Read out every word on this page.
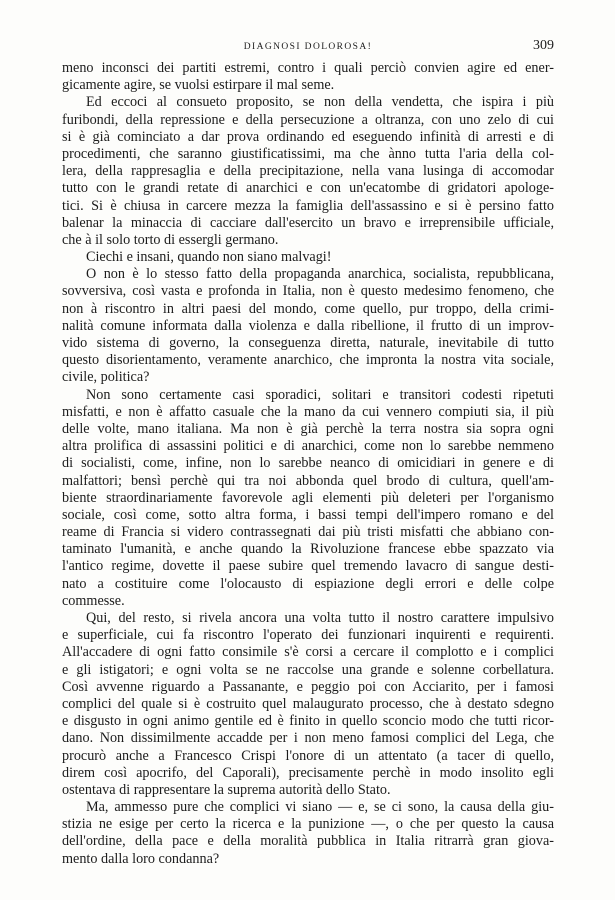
DIAGNOSI DOLOROSA!	309
meno inconsci dei partiti estremi, contro i quali perciò convien agire ed ener-
gicamente agire, se vuolsi estirpare il mal seme.
Ed eccoci al consueto proposito, se non della vendetta, che ispira i più
furibondi, della repressione e della persecuzione a oltranza, con uno zelo di cui
si è già cominciato a dar prova ordinando ed eseguendo infinità di arresti e di
procedimenti, che saranno giustificatissimi, ma che ànno tutta l'aria della col-
lera, della rappresaglia e della precipitazione, nella vana lusinga di accomodar
tutto con le grandi retate di anarchici e con un'ecatombe di gridatori apologe-
tici. Si è chiusa in carcere mezza la famiglia dell'assassino e si è persino fatto
balenar la minaccia di cacciare dall'esercito un bravo e irreprensibile ufficiale,
che à il solo torto di essergli germano.
Ciechi e insani, quando non siano malvagi!
O non è lo stesso fatto della propaganda anarchica, socialista, repubblicana,
sovversiva, così vasta e profonda in Italia, non è questo medesimo fenomeno, che
non à riscontro in altri paesi del mondo, come quello, pur troppo, della crimi-
nalità comune informata dalla violenza e dalla ribellione, il frutto di un improv-
vido sistema di governo, la conseguenza diretta, naturale, inevitabile di tutto
questo disorientamento, veramente anarchico, che impronta la nostra vita sociale,
civile, politica?
Non sono certamente casi sporadici, solitari e transitori codesti ripetuti
misfatti, e non è affatto casuale che la mano da cui vennero compiuti sia, il più
delle volte, mano italiana. Ma non è già perchè la terra nostra sia sopra ogni
altra prolifica di assassini politici e di anarchici, come non lo sarebbe nemmeno
di socialisti, come, infine, non lo sarebbe neanco di omicidiari in genere e di
malfattori; bensì perchè qui tra noi abbonda quel brodo di cultura, quell'am-
biente straordinariamente favorevole agli elementi più deleteri per l'organismo
sociale, così come, sotto altra forma, i bassi tempi dell'impero romano e del
reame di Francia si videro contrassegnati dai più tristi misfatti che abbiano con-
taminato l'umanità, e anche quando la Rivoluzione francese ebbe spazzato via
l'antico regime, dovette il paese subire quel tremendo lavacro di sangue desti-
nato a costituire come l'olocausto di espiazione degli errori e delle colpe
commesse.
Qui, del resto, si rivela ancora una volta tutto il nostro carattere impulsivo
e superficiale, cui fa riscontro l'operato dei funzionari inquirenti e requirenti.
All'accadere di ogni fatto consimile s'è corsi a cercare il complotto e i complici
e gli istigatori; e ogni volta se ne raccolse una grande e solenne corbellatura.
Così avvenne riguardo a Passanante, e peggio poi con Acciarito, per i famosi
complici del quale si è costruito quel malaugurato processo, che à destato sdegno
e disgusto in ogni animo gentile ed è finito in quello sconcio modo che tutti ricor-
dano. Non dissimilmente accadde per i non meno famosi complici del Lega, che
procurò anche a Francesco Crispi l'onore di un attentato (a tacer di quello,
direm così apocrifo, del Caporali), precisamente perchè in modo insolito egli
ostentava di rappresentare la suprema autorità dello Stato.
Ma, ammesso pure che complici vi siano — e, se ci sono, la causa della giu-
stizia ne esige per certo la ricerca e la punizione —, o che per questo la causa
dell'ordine, della pace e della moralità pubblica in Italia ritrarrà gran giova-
mento dalla loro condanna?
